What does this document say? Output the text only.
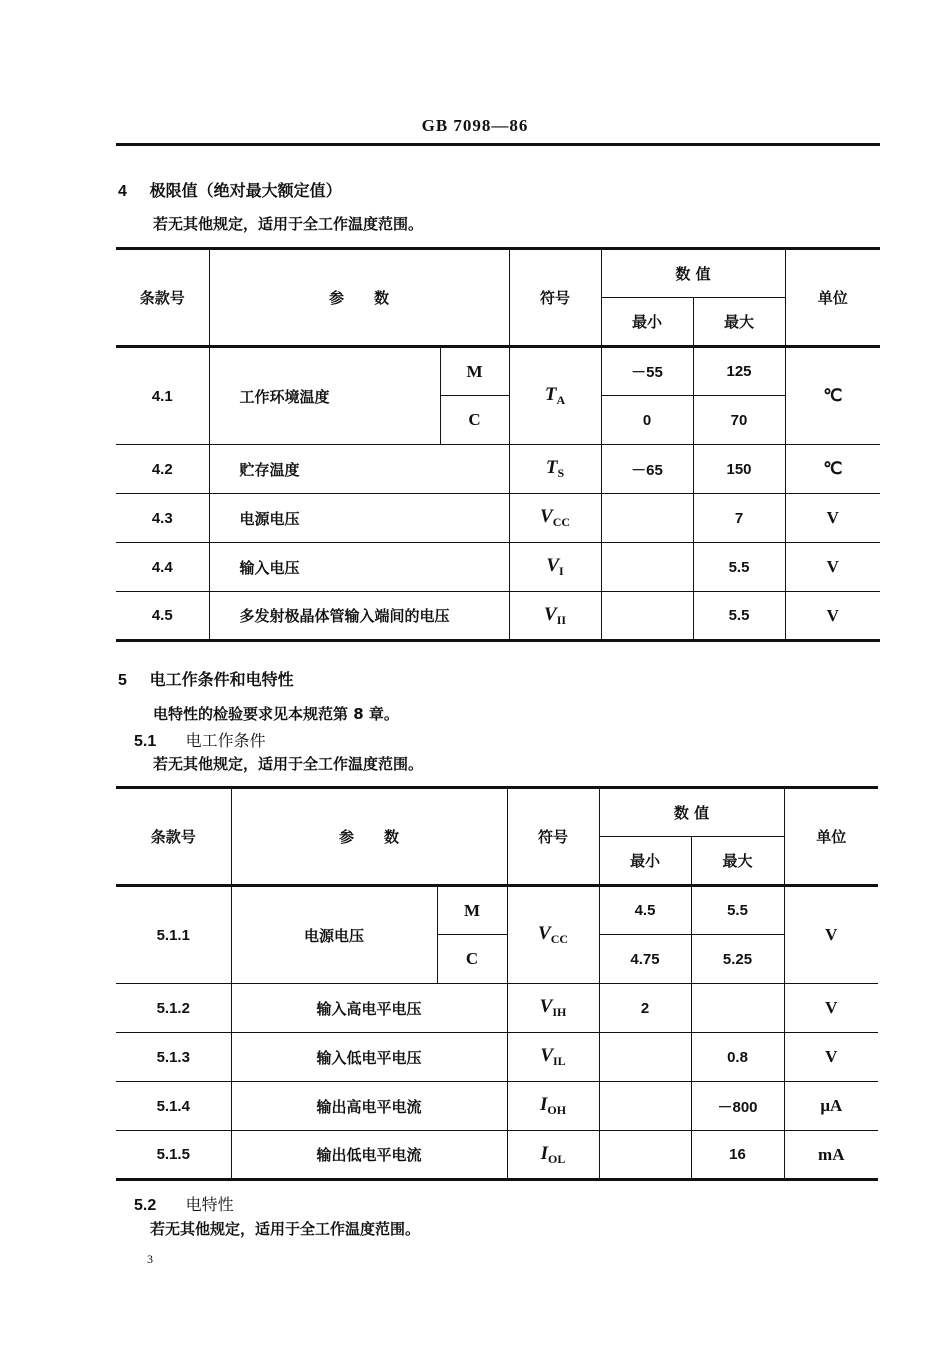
GB 7098—86
4 极限值（绝对最大额定值）
若无其他规定，适用于全工作温度范围。
条款号	参　　数		符号	数 值		单位
				最小	最大	
4.1	工作环境温度	M	$T_A$	－55	125	℃
		C		0	70	
4.2	贮存温度		$T_S$	－65	150	℃
4.3	电源电压		$V_{CC}$		7	V
4.4	输入电压		$V_I$		5.5	V
4.5	多发射极晶体管输入端间的电压		$V_{II}$		5.5	V
5 电工作条件和电特性
电特性的检验要求见本规范第 8 章。
5.1 电工作条件
若无其他规定，适用于全工作温度范围。
条款号	参　　数		符号	数 值		单位
				最小	最大	
5.1.1	电源电压	M	$V_{CC}$	4.5	5.5	V
		C		4.75	5.25	
5.1.2	输入高电平电压		$V_{IH}$	2		V
5.1.3	输入低电平电压		$V_{IL}$		0.8	V
5.1.4	输出高电平电流		$I_{OH}$		－800	μA
5.1.5	输出低电平电流		$I_{OL}$		16	mA
5.2 电特性
若无其他规定，适用于全工作温度范围。
3
